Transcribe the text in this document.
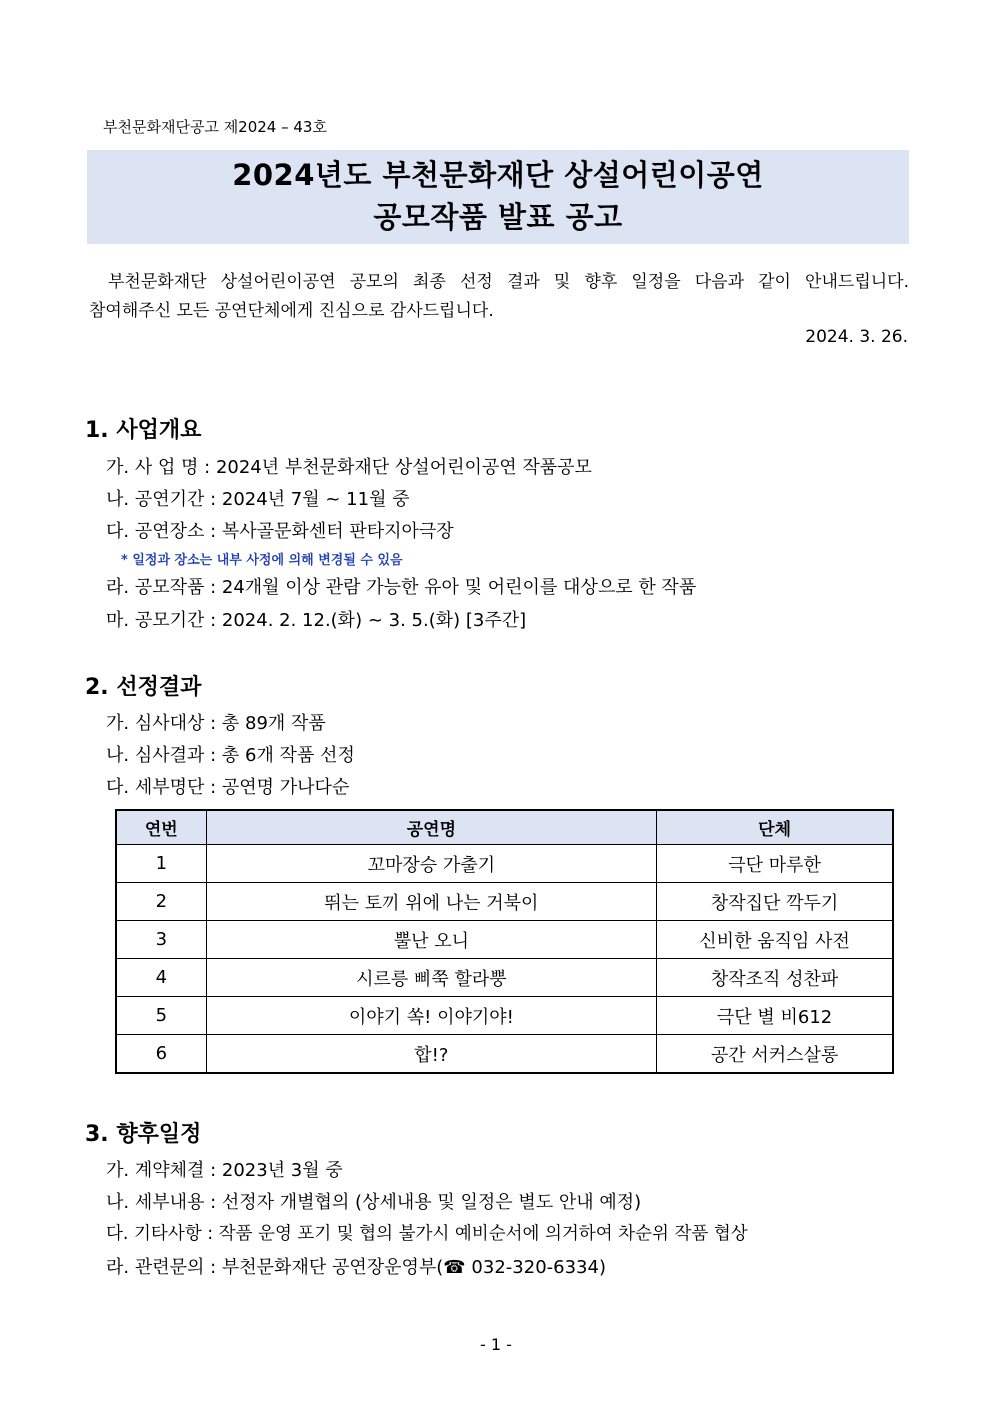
부천문화재단공고 제2024 – 43호
2024년도 부천문화재단 상설어린이공연
공모작품 발표 공고
부천문화재단 상설어린이공연 공모의 최종 선정 결과 및 향후 일정을 다음과 같이 안내드립니다.
참여해주신 모든 공연단체에게 진심으로 감사드립니다.
2024. 3. 26.
1. 사업개요
가. 사 업 명 : 2024년 부천문화재단 상설어린이공연 작품공모
나. 공연기간 : 2024년 7월 ~ 11월 중
다. 공연장소 : 복사골문화센터 판타지아극장
* 일정과 장소는 내부 사정에 의해 변경될 수 있음
라. 공모작품 : 24개월 이상 관람 가능한 유아 및 어린이를 대상으로 한 작품
마. 공모기간 : 2024. 2. 12.(화) ~ 3. 5.(화) [3주간]
2. 선정결과
가. 심사대상 : 총 89개 작품
나. 심사결과 : 총 6개 작품 선정
다. 세부명단 : 공연명 가나다순
연번	공연명	단체
1	꼬마장승 가출기	극단 마루한
2	뛰는 토끼 위에 나는 거북이	창작집단 깍두기
3	뿔난 오니	신비한 움직임 사전
4	시르릉 삐쭉 할라뿡	창작조직 성찬파
5	이야기 쏙! 이야기야!	극단 별 비612
6	합!?	공간 서커스살롱
3. 향후일정
가. 계약체결 : 2023년 3월 중
나. 세부내용 : 선정자 개별협의 (상세내용 및 일정은 별도 안내 예정)
다. 기타사항 : 작품 운영 포기 및 협의 불가시 예비순서에 의거하여 차순위 작품 협상
라. 관련문의 : 부천문화재단 공연장운영부(☎ 032-320-6334)
- 1 -
